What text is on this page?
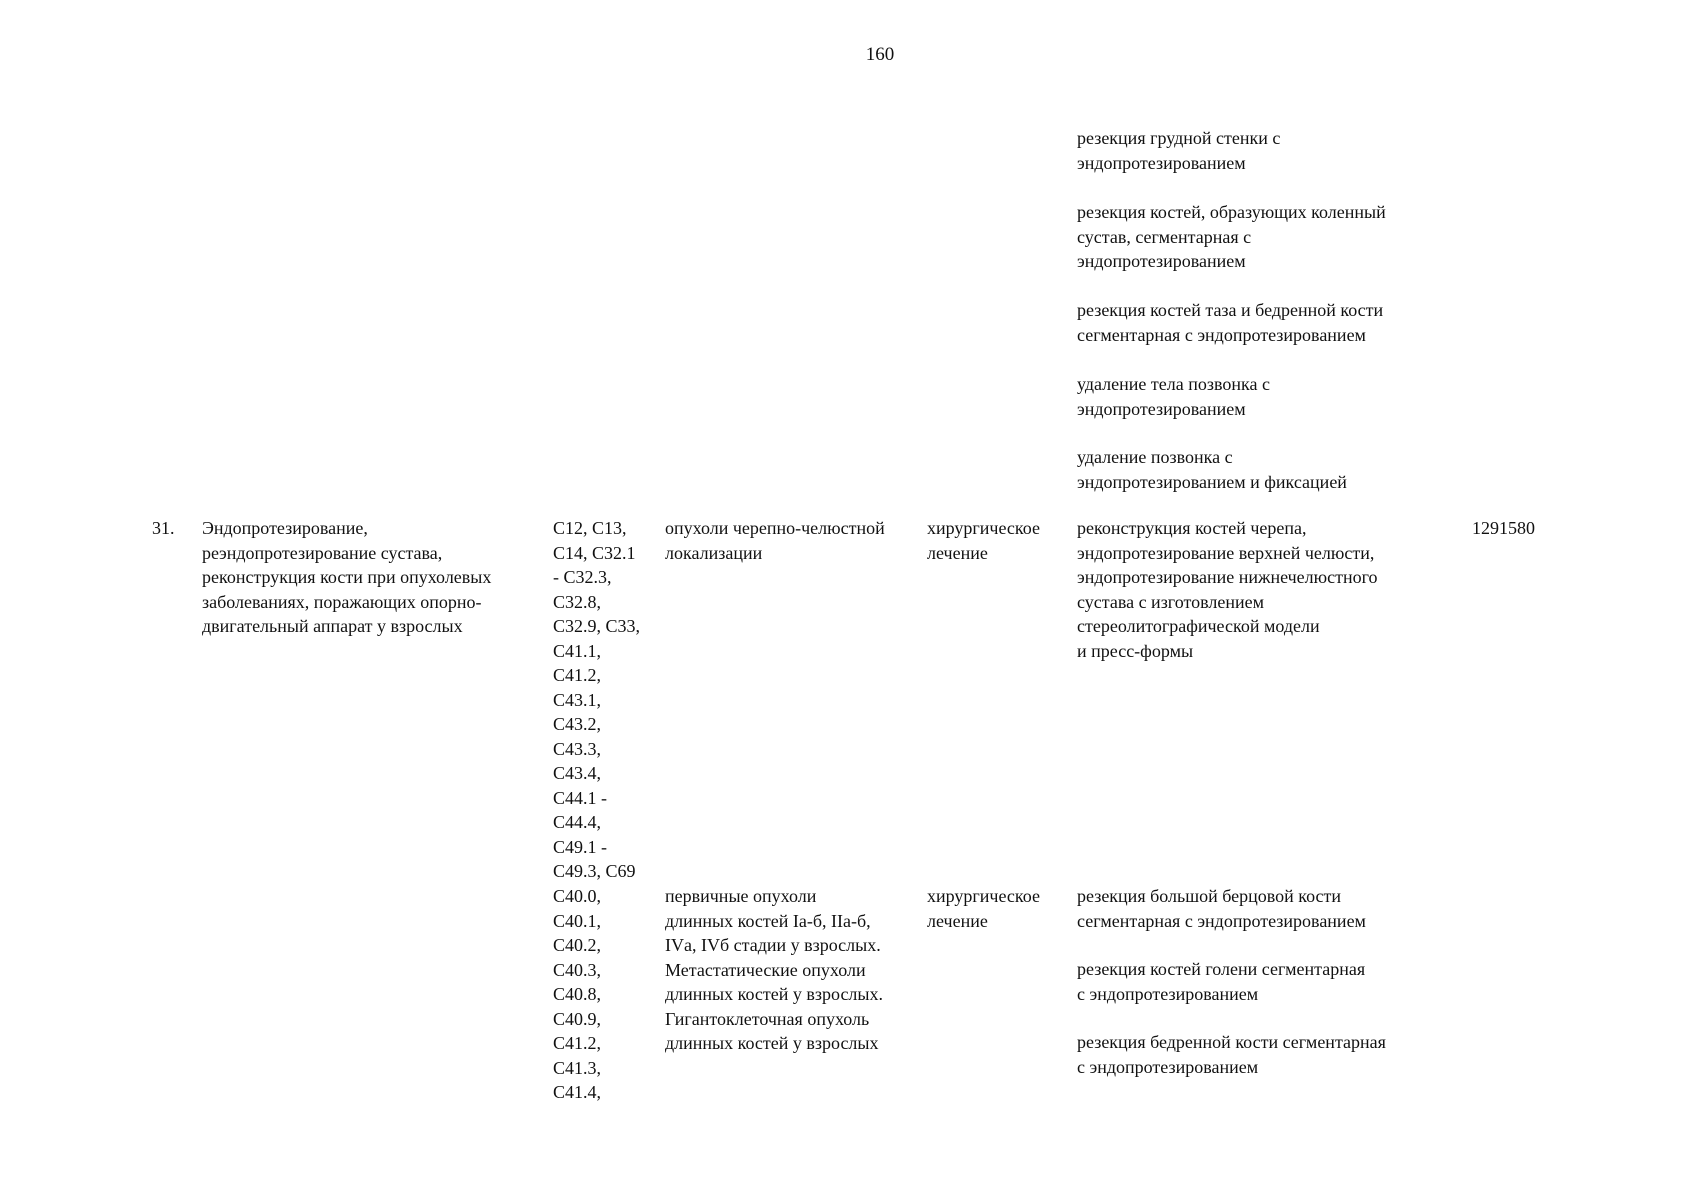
160
резекция грудной стенки с
эндопротезированием
резекция костей, образующих коленный
сустав, сегментарная с
эндопротезированием
резекция костей таза и бедренной кости
сегментарная с эндопротезированием
удаление тела позвонка с
эндопротезированием
удаление позвонка с
эндопротезированием и фиксацией
31. Эндопротезирование,
реэндопротезирование сустава,
реконструкция кости при опухолевых
заболеваниях, поражающих опорно-
двигательный аппарат у взрослых
1291580
C12, C13,
C14, C32.1
- C32.3,
C32.8,
C32.9, C33,
C41.1,
C41.2,
C43.1,
C43.2,
C43.3,
C43.4,
C44.1 -
C44.4,
C49.1 -
C49.3, C69
опухоли черепно-челюстной
локализации
хирургическое
лечение
реконструкция костей черепа,
эндопротезирование верхней челюсти,
эндопротезирование нижнечелюстного
сустава с изготовлением
стереолитографической модели
и пресс-формы
C40.0,
C40.1,
C40.2,
C40.3,
C40.8,
C40.9,
C41.2,
C41.3,
C41.4,
первичные опухоли
длинных костей Iа-б, IIа-б,
IVа, IVб стадии у взрослых.
Метастатические опухоли
длинных костей у взрослых.
Гигантоклеточная опухоль
длинных костей у взрослых
хирургическое
лечение
резекция большой берцовой кости
сегментарная с эндопротезированием
резекция костей голени сегментарная
с эндопротезированием
резекция бедренной кости сегментарная
с эндопротезированием
